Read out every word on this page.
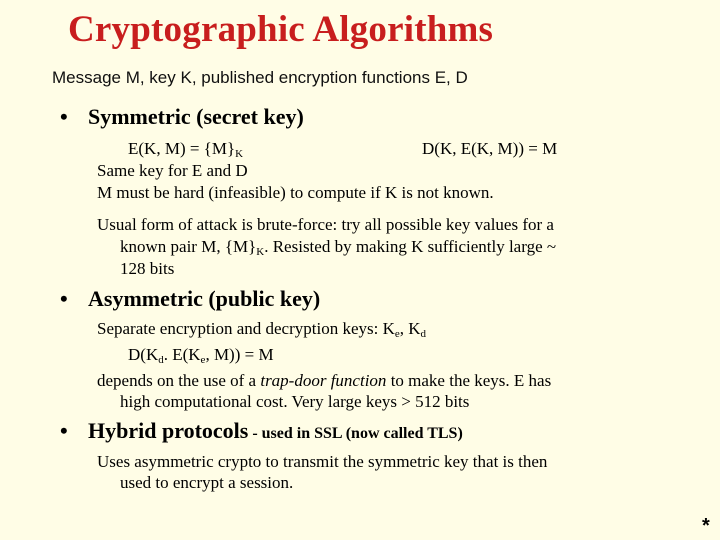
Cryptographic Algorithms
Message M, key K, published encryption functions E, D
• Symmetric (secret key)
E(K, $M) = \{M\}_K$	D(K, E(K, M)) = M
Same key for E and D
M must be hard (infeasible) to compute if K is not known.
Usual form of attack is brute-force: try all possible key values for a
known pair M, $\{M\}_K$. Resisted by making K sufficiently large ~
128 bits
• Asymmetric (public key)
Separate encryption and decryption keys: $K_e$, $K_d$
$D(K_d$. $E(K_e$, M)) = M
depends on the use of a trap-door function to make the keys. E has
high computational cost. Very large keys > 512 bits
• Hybrid protocols - used in SSL (now called TLS)
Uses asymmetric crypto to transmit the symmetric key that is then
used to encrypt a session.
*
